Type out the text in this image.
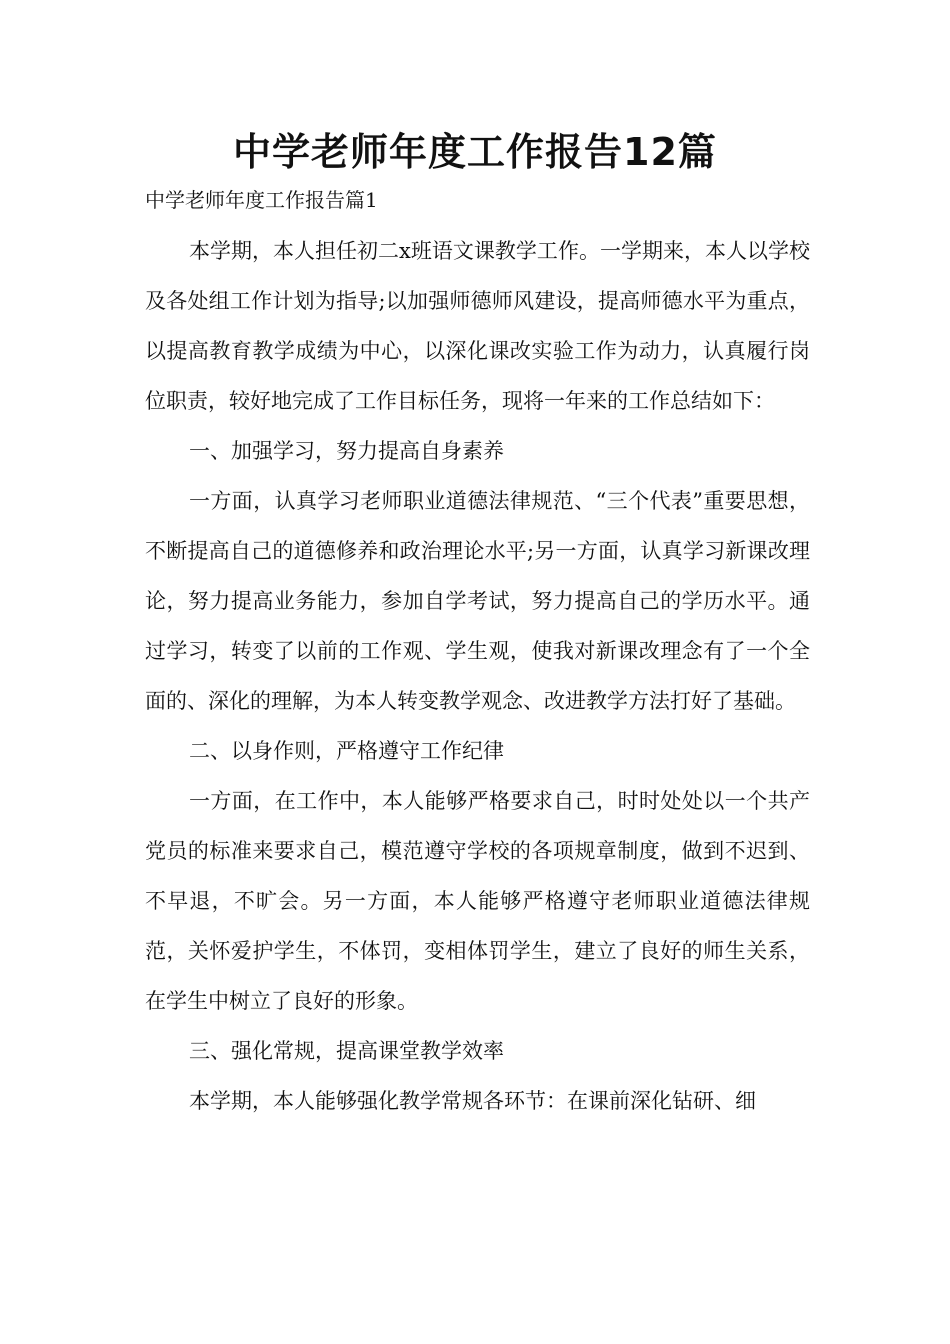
中学老师年度工作报告12篇
中学老师年度工作报告篇1

本学期，本人担任初二x班语文课教学工作。一学期来，本人以学校及各处组工作计划为指导;以加强师德师风建设，提高师德水平为重点，以提高教育教学成绩为中心，以深化课改实验工作为动力，认真履行岗位职责，较好地完成了工作目标任务，现将一年来的工作总结如下：

一、加强学习，努力提高自身素养

一方面，认真学习老师职业道德法律规范、“三个代表”重要思想，不断提高自己的道德修养和政治理论水平;另一方面，认真学习新课改理论，努力提高业务能力，参加自学考试，努力提高自己的学历水平。通过学习，转变了以前的工作观、学生观，使我对新课改理念有了一个全面的、深化的理解，为本人转变教学观念、改进教学方法打好了基础。

二、以身作则，严格遵守工作纪律

一方面，在工作中，本人能够严格要求自己，时时处处以一个共产党员的标准来要求自己，模范遵守学校的各项规章制度，做到不迟到、不早退，不旷会。另一方面，本人能够严格遵守老师职业道德法律规范，关怀爱护学生，不体罚，变相体罚学生，建立了良好的师生关系，在学生中树立了良好的形象。

三、强化常规，提高课堂教学效率

本学期，本人能够强化教学常规各环节：在课前深化钻研、细
